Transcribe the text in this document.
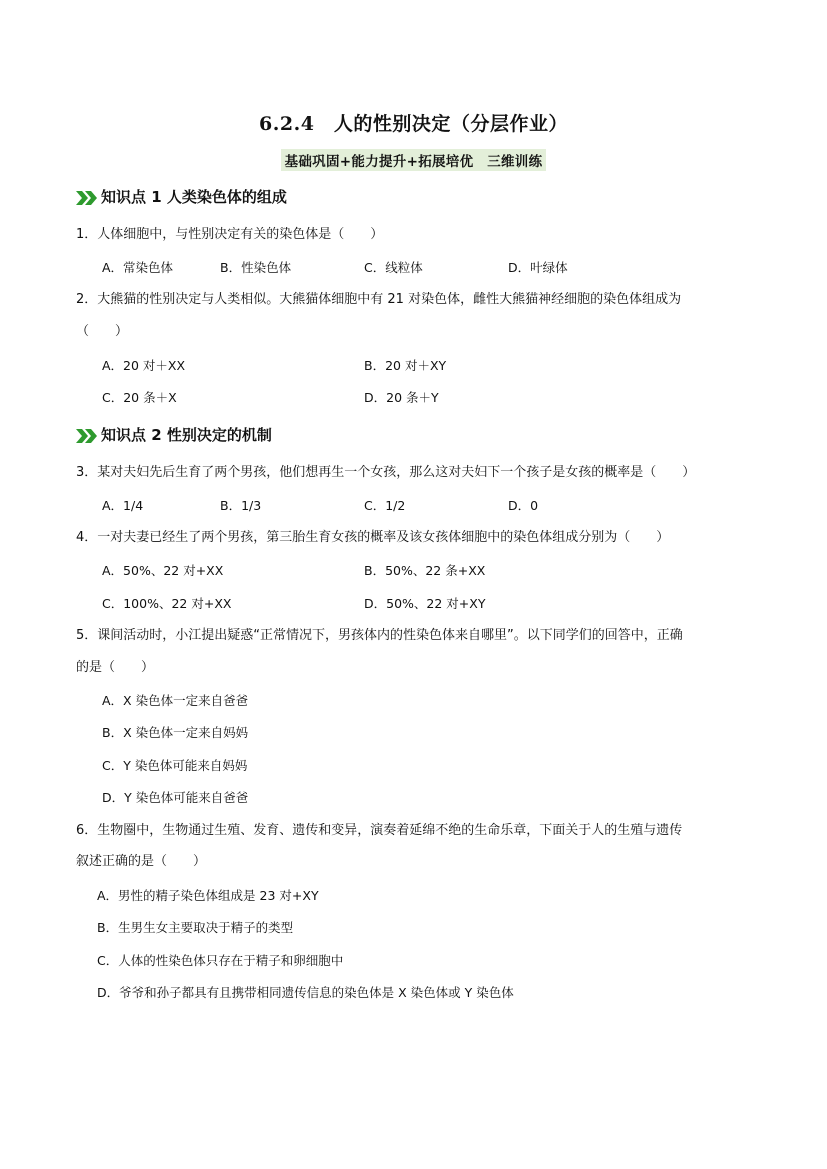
6.2.4　人的性别决定（分层作业）
基础巩固+能力提升+拓展培优　三维训练
知识点 1 人类染色体的组成
1．人体细胞中，与性别决定有关的染色体是（　　）
A．常染色体	B．性染色体	C．线粒体	D．叶绿体
2．大熊猫的性别决定与人类相似。大熊猫体细胞中有 21 对染色体，雌性大熊猫神经细胞的染色体组成为
（　　）
A．20 对＋XX	B．20 对＋XY
C．20 条＋X	D．20 条＋Y
知识点 2 性别决定的机制
3．某对夫妇先后生育了两个男孩，他们想再生一个女孩，那么这对夫妇下一个孩子是女孩的概率是（　　）
A．1/4	B．1/3	C．1/2	D．0
4．一对夫妻已经生了两个男孩，第三胎生育女孩的概率及该女孩体细胞中的染色体组成分别为（　　）
A．50%、22 对+XX	B．50%、22 条+XX
C．100%、22 对+XX	D．50%、22 对+XY
5．课间活动时，小江提出疑惑“正常情况下，男孩体内的性染色体来自哪里”。以下同学们的回答中，正确
的是（　　）
A．X 染色体一定来自爸爸
B．X 染色体一定来自妈妈
C．Y 染色体可能来自妈妈
D．Y 染色体可能来自爸爸
6．生物圈中，生物通过生殖、发育、遗传和变异，演奏着延绵不绝的生命乐章，下面关于人的生殖与遗传
叙述正确的是（　　）
A．男性的精子染色体组成是 23 对+XY
B．生男生女主要取决于精子的类型
C．人体的性染色体只存在于精子和卵细胞中
D．爷爷和孙子都具有且携带相同遗传信息的染色体是 X 染色体或 Y 染色体
